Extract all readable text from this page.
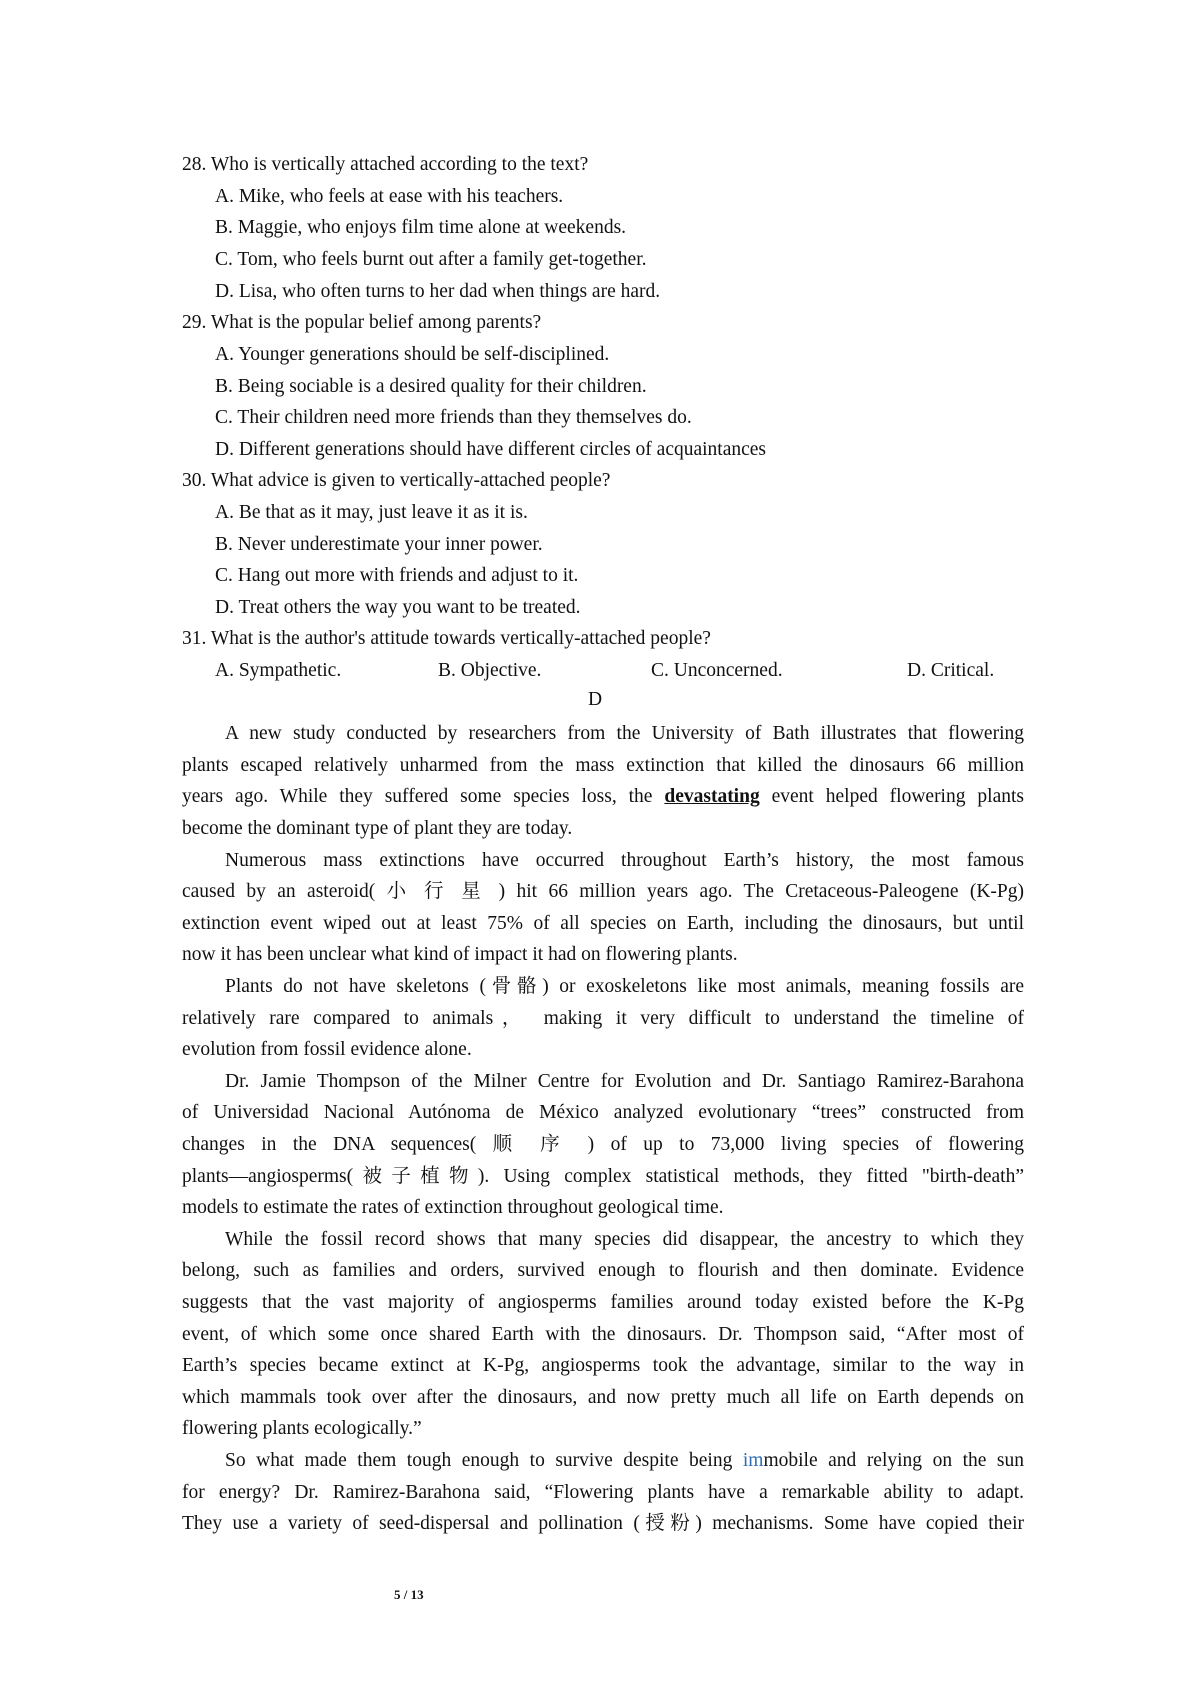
28. Who is vertically attached according to the text?
A. Mike, who feels at ease with his teachers.
B. Maggie, who enjoys film time alone at weekends.
C. Tom, who feels burnt out after a family get-together.
D. Lisa, who often turns to her dad when things are hard.
29. What is the popular belief among parents?
A. Younger generations should be self-disciplined.
B. Being sociable is a desired quality for their children.
C. Their children need more friends than they themselves do.
D. Different generations should have different circles of acquaintances
30. What advice is given to vertically-attached people?
A. Be that as it may, just leave it as it is.
B. Never underestimate your inner power.
C. Hang out more with friends and adjust to it.
D. Treat others the way you want to be treated.
31. What is the author's attitude towards vertically-attached people?
A. Sympathetic.	B. Objective.	C. Unconcerned.	D. Critical.
D
A new study conducted by researchers from the University of Bath illustrates that flowering
plants escaped relatively unharmed from the mass extinction that killed the dinosaurs 66 million
years ago. While they suffered some species loss, the devastating event helped flowering plants
become the dominant type of plant they are today.
Numerous mass extinctions have occurred throughout Earth’s history, the most famous
caused by an asteroid( 小 行 星 ) hit 66 million years ago. The Cretaceous-Paleogene (K-Pg)
extinction event wiped out at least 75% of all species on Earth, including the dinosaurs, but until
now it has been unclear what kind of impact it had on flowering plants.
Plants do not have skeletons (骨骼) or exoskeletons like most animals, meaning fossils are
relatively rare compared to animals， making it very difficult to understand the timeline of
evolution from fossil evidence alone.
Dr. Jamie Thompson of the Milner Centre for Evolution and Dr. Santiago Ramirez-Barahona
of Universidad Nacional Autónoma de México analyzed evolutionary “trees” constructed from
changes in the DNA sequences( 顺 序 ) of up to 73,000 living species of flowering
plants—angiosperms(被子植物). Using complex statistical methods, they fitted "birth-death”
models to estimate the rates of extinction throughout geological time.
While the fossil record shows that many species did disappear, the ancestry to which they
belong, such as families and orders, survived enough to flourish and then dominate. Evidence
suggests that the vast majority of angiosperms families around today existed before the K-Pg
event, of which some once shared Earth with the dinosaurs. Dr. Thompson said, “After most of
Earth’s species became extinct at K-Pg, angiosperms took the advantage, similar to the way in
which mammals took over after the dinosaurs, and now pretty much all life on Earth depends on
flowering plants ecologically.”
So what made them tough enough to survive despite being immobile and relying on the sun
for energy? Dr. Ramirez-Barahona said, “Flowering plants have a remarkable ability to adapt.
They use a variety of seed-dispersal and pollination (授粉) mechanisms. Some have copied their
5 / 13
